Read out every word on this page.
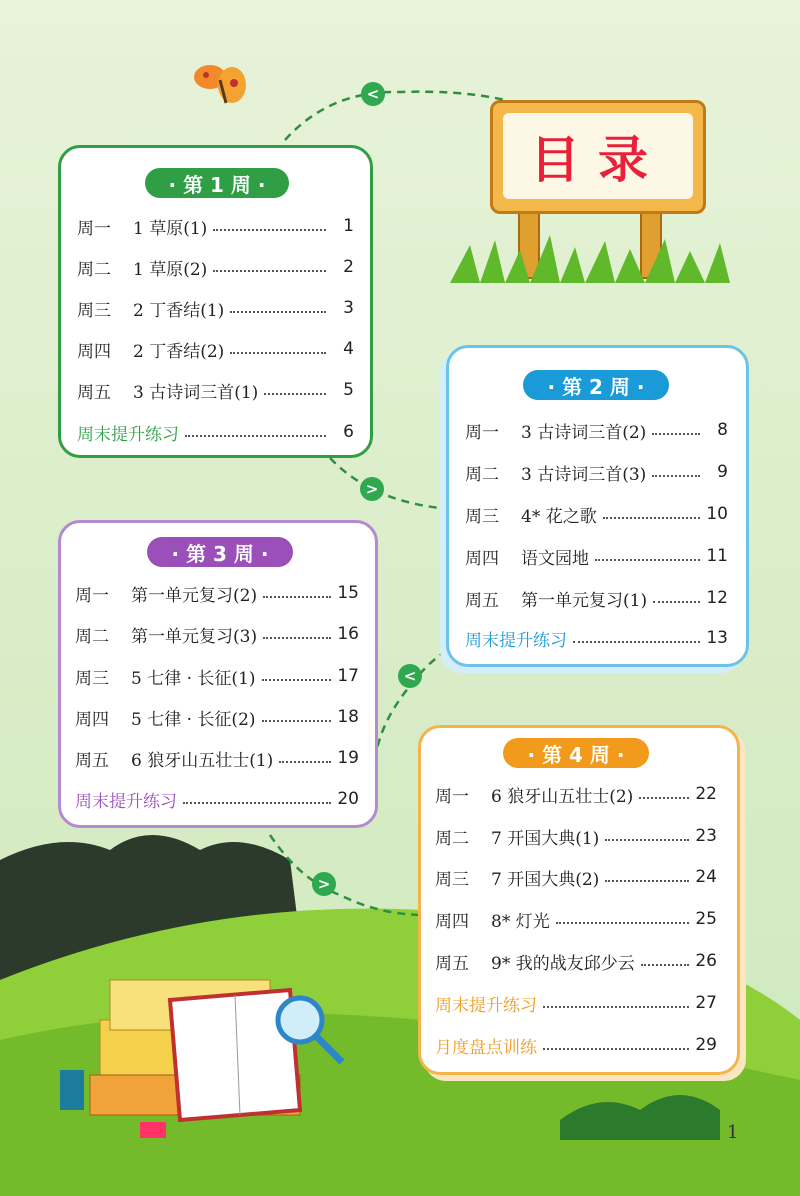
目录
<
>
<
>
· 第 1 周 ·
周一	1 草原(1)	1
周二	1 草原(2)	2
周三	2 丁香结(1)	3
周四	2 丁香结(2)	4
周五	3 古诗词三首(1)	5
周末提升练习	6
· 第 2 周 ·
周一	3 古诗词三首(2)	8
周二	3 古诗词三首(3)	9
周三	4* 花之歌	10
周四	语文园地	11
周五	第一单元复习(1)	12
周末提升练习	13
· 第 3 周 ·
周一	第一单元复习(2)	15
周二	第一单元复习(3)	16
周三	5 七律 · 长征(1)	17
周四	5 七律 · 长征(2)	18
周五	6 狼牙山五壮士(1)	19
周末提升练习	20
· 第 4 周 ·
周一	6 狼牙山五壮士(2)	22
周二	7 开国大典(1)	23
周三	7 开国大典(2)	24
周四	8* 灯光	25
周五	9* 我的战友邱少云	26
周末提升练习	27
月度盘点训练	29
1
